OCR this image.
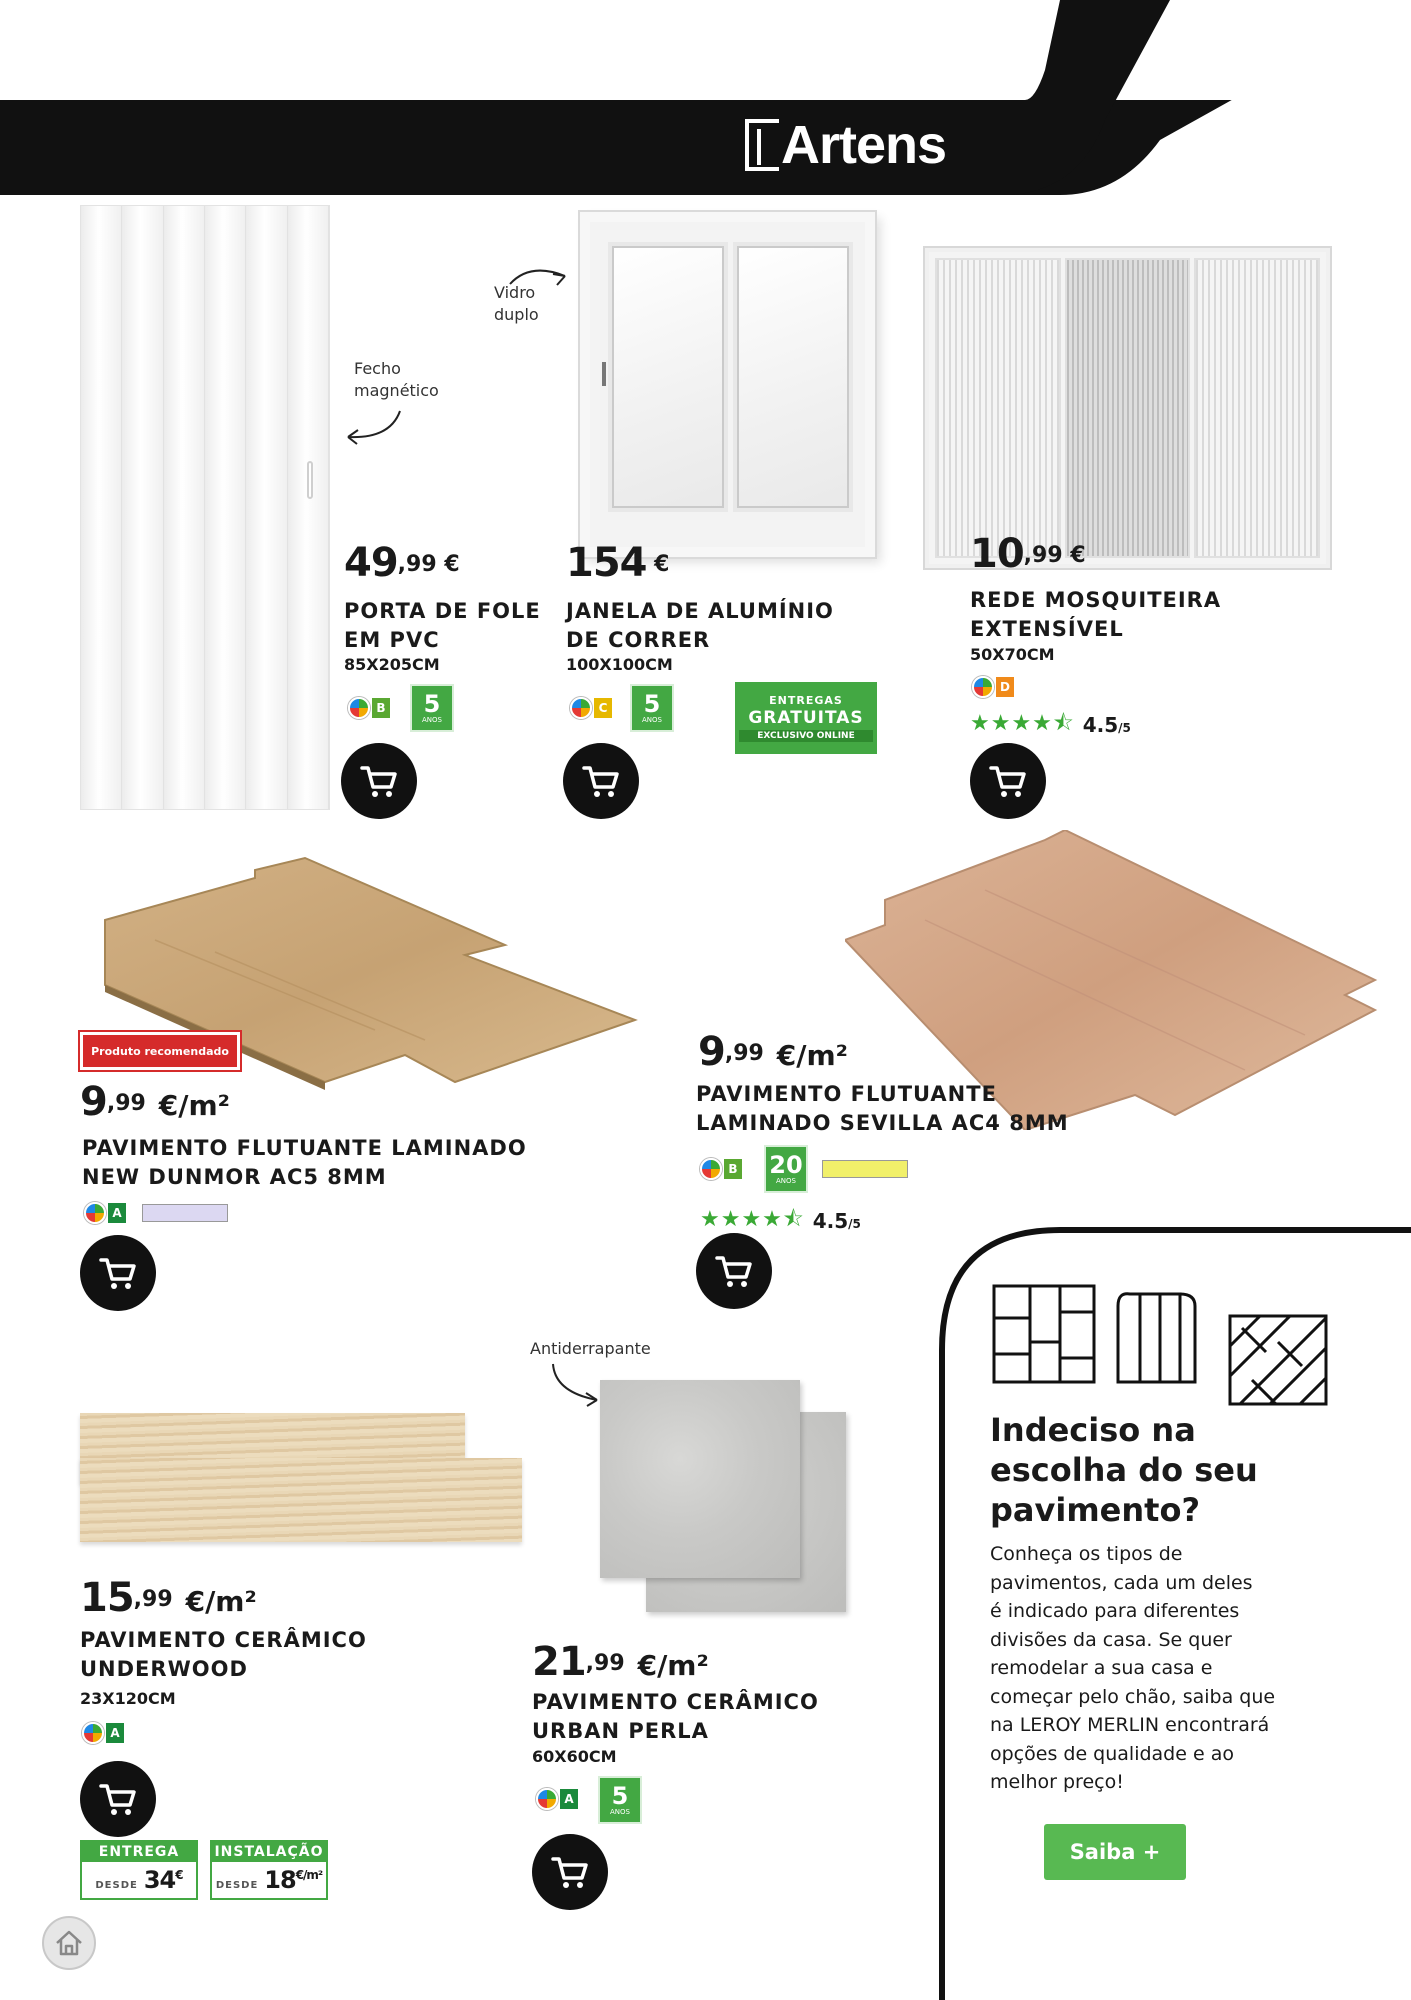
Artens
Fecho
magnético
$49^{,99}$ €
PORTA DE FOLE
EM PVC
85X205CM
B 5
ANOS
Vidro
duplo
154 €
JANELA DE ALUMÍNIO
DE CORRER
100X100CM
C 5
ANOS
ENTREGAS
GRATUITAS
EXCLUSIVO ONLINE
$10^{,99}$ €
REDE MOSQUITEIRA
EXTENSÍVEL
50X70CM
D
★★★★⯪ 4.5/5
Produto recomendado
$9^{,99}$ €/m²
PAVIMENTO FLUTUANTE LAMINADO
NEW DUNMOR AC5 8MM
A

$9^{,99}$ €/m²
PAVIMENTO FLUTUANTE
LAMINADO SEVILLA AC4 8MM
B 20
ANOS

★★★★⯪ 4.5/5
$15^{,99}$ €/m²
PAVIMENTO CERÂMICO
UNDERWOOD
23X120CM
A
ENTREGA
DESDE 34€
INSTALAÇÃO
DESDE $18^{€/m^2}$
Antiderrapante
$21^{,99}$ €/m²
PAVIMENTO CERÂMICO
URBAN PERLA
60X60CM
A 5
ANOS
Indeciso na
escolha do seu
pavimento?
Conheça os tipos de
pavimentos, cada um deles
é indicado para diferentes
divisões da casa. Se quer
remodelar a sua casa e
começar pelo chão, saiba que
na LEROY MERLIN encontrará
opções de qualidade e ao
melhor preço!
Saiba +
